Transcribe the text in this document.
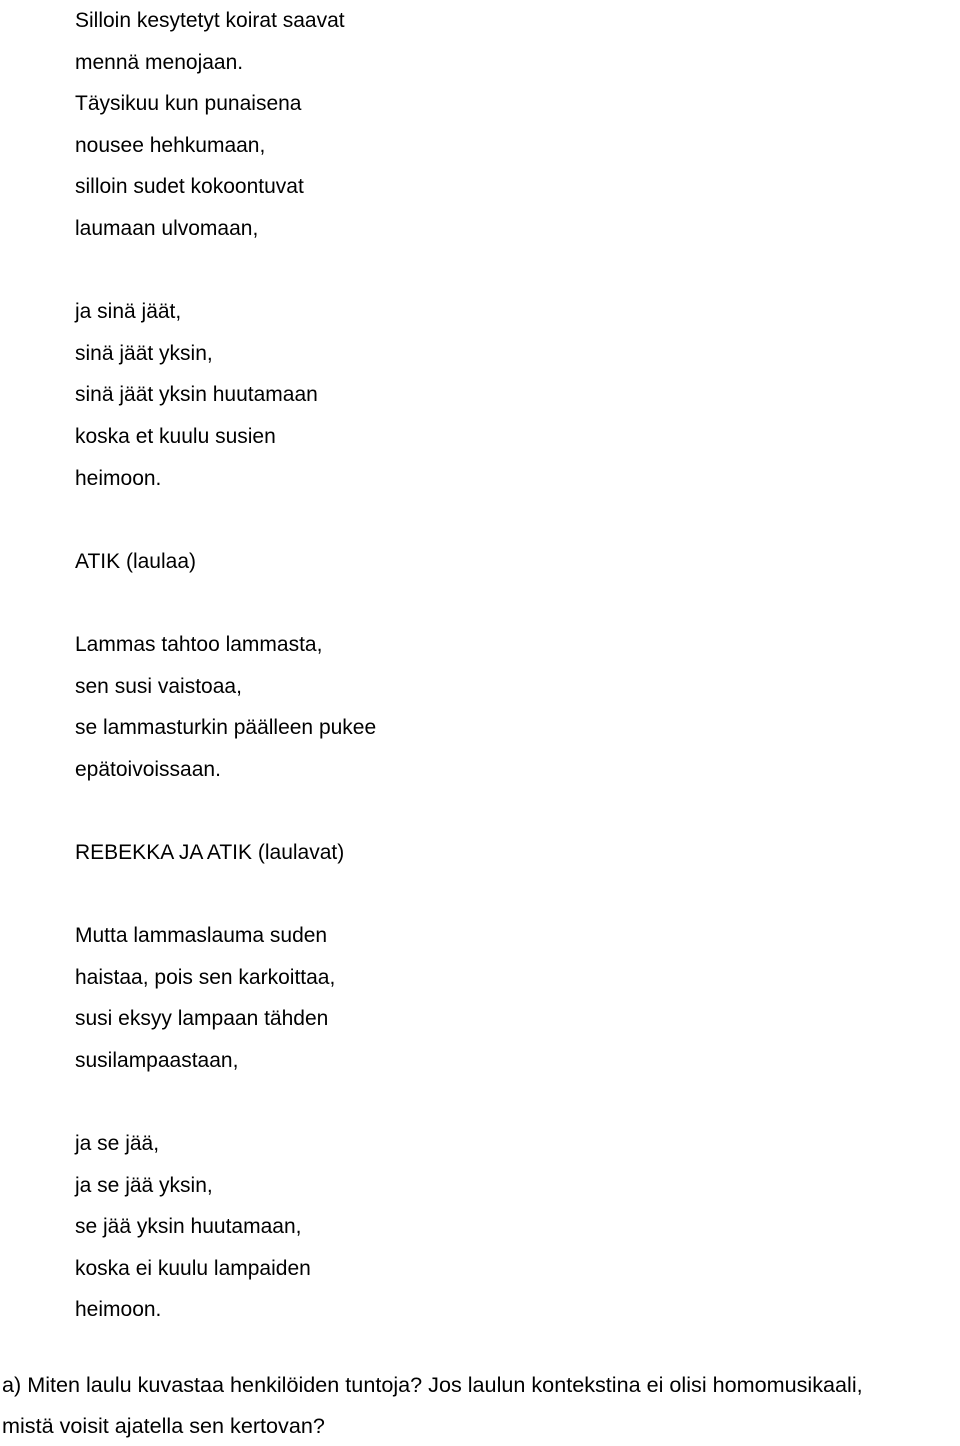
Silloin kesytetyt koirat saavat
mennä menojaan.
Täysikuu kun punaisena
nousee hehkumaan,
silloin sudet kokoontuvat
laumaan ulvomaan,
ja sinä jäät,
sinä jäät yksin,
sinä jäät yksin huutamaan
koska et kuulu susien
heimoon.
ATIK (laulaa)
Lammas tahtoo lammasta,
sen susi vaistoaa,
se lammasturkin päälleen pukee
epätoivoissaan.
REBEKKA JA ATIK (laulavat)
Mutta lammaslauma suden
haistaa, pois sen karkoittaa,
susi eksyy lampaan tähden
susilampaastaan,
ja se jää,
ja se jää yksin,
se jää yksin huutamaan,
koska ei kuulu lampaiden
heimoon.
a) Miten laulu kuvastaa henkilöiden tuntoja? Jos laulun kontekstina ei olisi homomusikaali,
mistä voisit ajatella sen kertovan?
